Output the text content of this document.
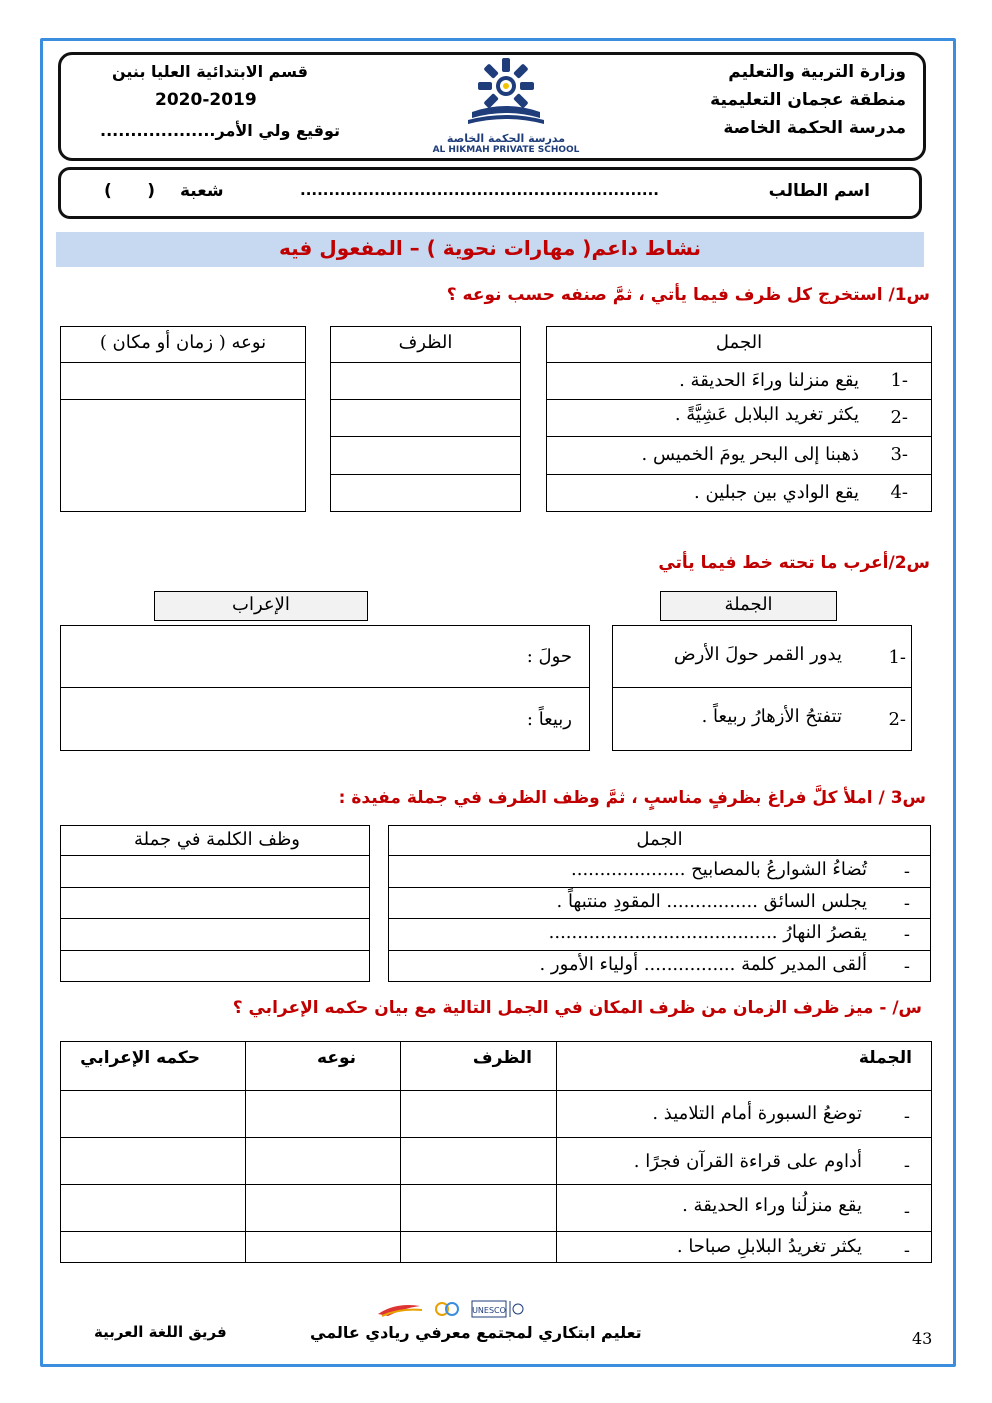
وزارة التربية والتعليم
منطقة عجمان التعليمية
مدرسة الحكمة الخاصة
قسم الابتدائية العليا بنين
2020-2019
توقيع ولي الأمر...................	مدرسة الحكمة الخاصة
AL HIKMAH PRIVATE SCHOOL
اسم الطالب
...............................................................
شعبة
(      )
نشاط داعم( مهارات نحوية ) – المفعول فيه
س1/ استخرج كل ظرف فيما يأتي ، ثمَّ صنفه حسب نوعه ؟
الجمل
-1
يقع منزلنا وراءَ الحديقة .
-2
يكثر تغريد البلابل عَشِيَّةً .
-3
ذهبنا إلى البحر يومَ الخميس .
-4
يقع الوادي بين جبلين .
الظرف
نوعه ( زمان أو مكان )
س2/أعرب ما تحته خط فيما يأتي
الجملة
الإعراب
-1
يدور القمر حولَ الأرض
-2
تتفتحُ الأزهارُ ربيعاً .
حولَ :
ربيعاً :
س3 / املأ كلَّ فراغ بظرفٍ مناسبٍ ، ثمَّ وظف الظرف في جملة مفيدة :
الجمل
-
تُضاءُ الشوارعُ بالمصابيح ....................
-
يجلس السائق ................ المقودِ منتبهاً .
-
يقصرُ النهارُ ........................................
-
ألقى المدير كلمة ................ أولياء الأمور .
وظف الكلمة في جملة
س/ - ميز ظرف الزمان من ظرف المكان في الجمل التالية مع بيان حكمه الإعرابي ؟
الجملة
الظرف
نوعه
حكمه الإعرابي
-
توضعُ السبورة أمام التلاميذ .
-
أداوم على قراءة القرآن فجرًا .
-
يقع منزلُنا وراء الحديقة .
-
يكثر تغريدُ البلابلِ صباحا .
UNESCO
تعليم ابتكاري لمجتمع معرفي ريادي عالمي
فريق اللغة العربية	43
